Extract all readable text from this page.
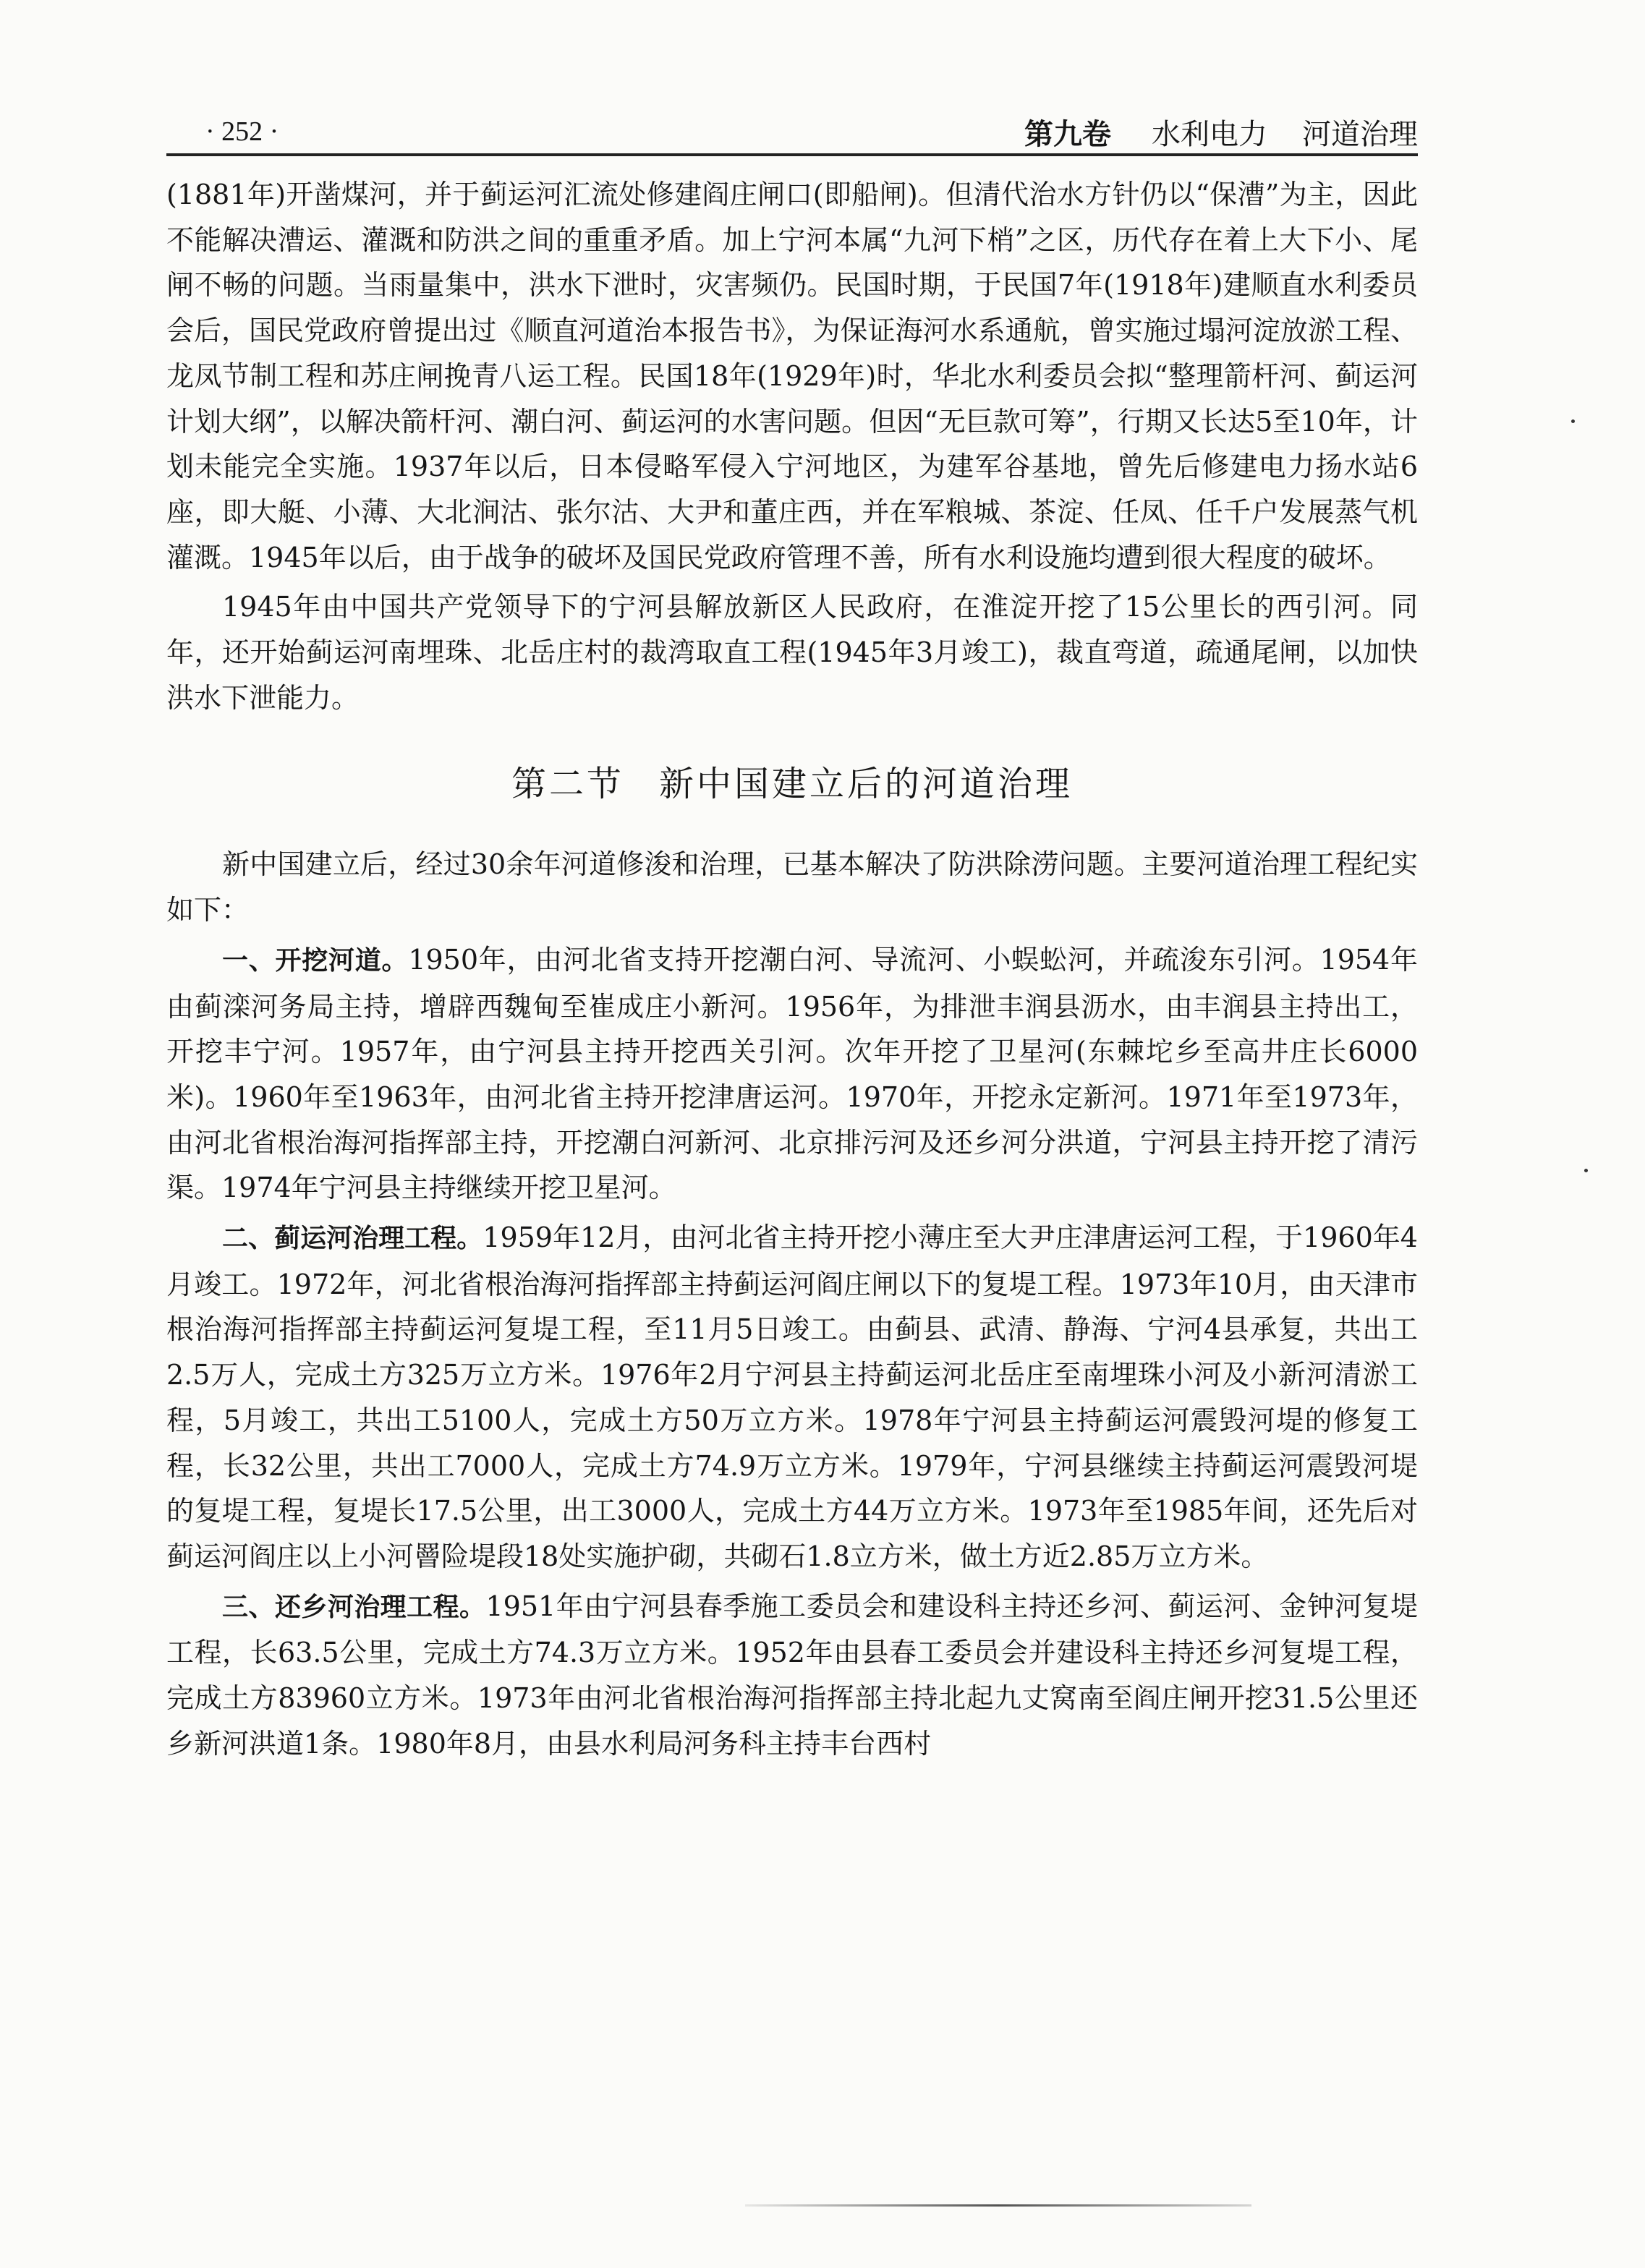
· 252 ·	第九卷 水利电力 河道治理

(1881年)开凿煤河，并于蓟运河汇流处修建阎庄闸口(即船闸)。但清代治水方针仍以“保漕”为主，因此不能解决漕运、灌溉和防洪之间的重重矛盾。加上宁河本属“九河下梢”之区，历代存在着上大下小、尾闸不畅的问题。当雨量集中，洪水下泄时，灾害频仍。民国时期，于民国7年(1918年)建顺直水利委员会后，国民党政府曾提出过《顺直河道治本报告书》，为保证海河水系通航，曾实施过塌河淀放淤工程、龙凤节制工程和苏庄闸挽青八运工程。民国18年(1929年)时，华北水利委员会拟“整理箭杆河、蓟运河计划大纲”，以解决箭杆河、潮白河、蓟运河的水害问题。但因“无巨款可筹”，行期又长达5至10年，计划未能完全实施。1937年以后，日本侵略军侵入宁河地区，为建军谷基地，曾先后修建电力扬水站6座，即大艇、小薄、大北涧沽、张尔沽、大尹和董庄西，并在军粮城、茶淀、任凤、任千户发展蒸气机灌溉。1945年以后，由于战争的破坏及国民党政府管理不善，所有水利设施均遭到很大程度的破坏。

1945年由中国共产党领导下的宁河县解放新区人民政府，在淮淀开挖了15公里长的西引河。同年，还开始蓟运河南埋珠、北岳庄村的裁湾取直工程(1945年3月竣工)，裁直弯道，疏通尾闸，以加快洪水下泄能力。

第二节 新中国建立后的河道治理

新中国建立后，经过30余年河道修浚和治理，已基本解决了防洪除涝问题。主要河道治理工程纪实如下：

一、开挖河道。1950年，由河北省支持开挖潮白河、导流河、小蜈蚣河，并疏浚东引河。1954年由蓟滦河务局主持，增辟西魏甸至崔成庄小新河。1956年，为排泄丰润县沥水，由丰润县主持出工，开挖丰宁河。1957年，由宁河县主持开挖西关引河。次年开挖了卫星河(东棘坨乡至高井庄长6000米)。1960年至1963年，由河北省主持开挖津唐运河。1970年，开挖永定新河。1971年至1973年，由河北省根治海河指挥部主持，开挖潮白河新河、北京排污河及还乡河分洪道，宁河县主持开挖了清污渠。1974年宁河县主持继续开挖卫星河。

二、蓟运河治理工程。1959年12月，由河北省主持开挖小薄庄至大尹庄津唐运河工程，于1960年4月竣工。1972年，河北省根治海河指挥部主持蓟运河阎庄闸以下的复堤工程。1973年10月，由天津市根治海河指挥部主持蓟运河复堤工程，至11月5日竣工。由蓟县、武清、静海、宁河4县承复，共出工2.5万人，完成土方325万立方米。1976年2月宁河县主持蓟运河北岳庄至南埋珠小河及小新河清淤工程，5月竣工，共出工5100人，完成土方50万立方米。1978年宁河县主持蓟运河震毁河堤的修复工程，长32公里，共出工7000人，完成土方74.9万立方米。1979年，宁河县继续主持蓟运河震毁河堤的复堤工程，复堤长17.5公里，出工3000人，完成土方44万立方米。1973年至1985年间，还先后对蓟运河阎庄以上小河罾险堤段18处实施护砌，共砌石1.8立方米，做土方近2.85万立方米。

三、还乡河治理工程。1951年由宁河县春季施工委员会和建设科主持还乡河、蓟运河、金钟河复堤工程，长63.5公里，完成土方74.3万立方米。1952年由县春工委员会并建设科主持还乡河复堤工程，完成土方83960立方米。1973年由河北省根治海河指挥部主持北起九丈窝南至阎庄闸开挖31.5公里还乡新河洪道1条。1980年8月，由县水利局河务科主持丰台西村
